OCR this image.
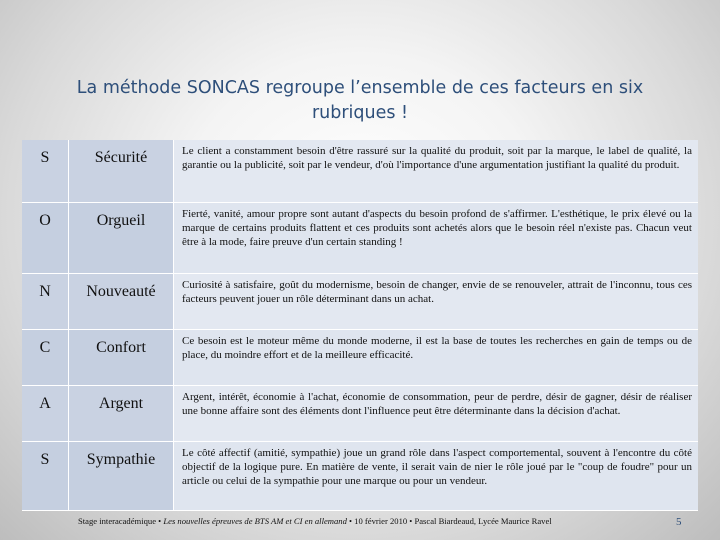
La méthode SONCAS regroupe l’ensemble de ces facteurs en six rubriques !
S	Sécurité	Le client a constamment besoin d'être rassuré sur la qualité du produit, soit par la marque, le label de qualité, la garantie ou la publicité, soit par le vendeur, d'où l'importance d'une argumentation justifiant la qualité du produit.
O	Orgueil	Fierté, vanité, amour propre sont autant d'aspects du besoin profond de s'affirmer. L'esthétique, le prix élevé ou la marque de certains produits flattent et ces produits sont achetés alors que le besoin réel n'existe pas. Chacun veut être à la mode, faire preuve d'un certain standing !
N	Nouveauté	Curiosité à satisfaire, goût du modernisme, besoin de changer, envie de se renouveler, attrait de l'inconnu, tous ces facteurs peuvent jouer un rôle déterminant dans un achat.
C	Confort	Ce besoin est le moteur même du monde moderne, il est la base de toutes les recherches en gain de temps ou de place, du moindre effort et de la meilleure efficacité.
A	Argent	Argent, intérêt, économie à l'achat, économie de consommation, peur de perdre, désir de gagner, désir de réaliser une bonne affaire sont des éléments dont l'influence peut être déterminante dans la décision d'achat.
S	Sympathie	Le côté affectif (amitié, sympathie) joue un grand rôle dans l'aspect comportemental, souvent à l'encontre du côté objectif de la logique pure. En matière de vente, il serait vain de nier le rôle joué par le "coup de foudre" pour un article ou celui de la sympathie pour une marque ou pour un vendeur.
Stage interacadémique • Les nouvelles épreuves de BTS AM et CI en allemand • 10 février 2010 • Pascal Biardeaud, Lycée Maurice Ravel	5
